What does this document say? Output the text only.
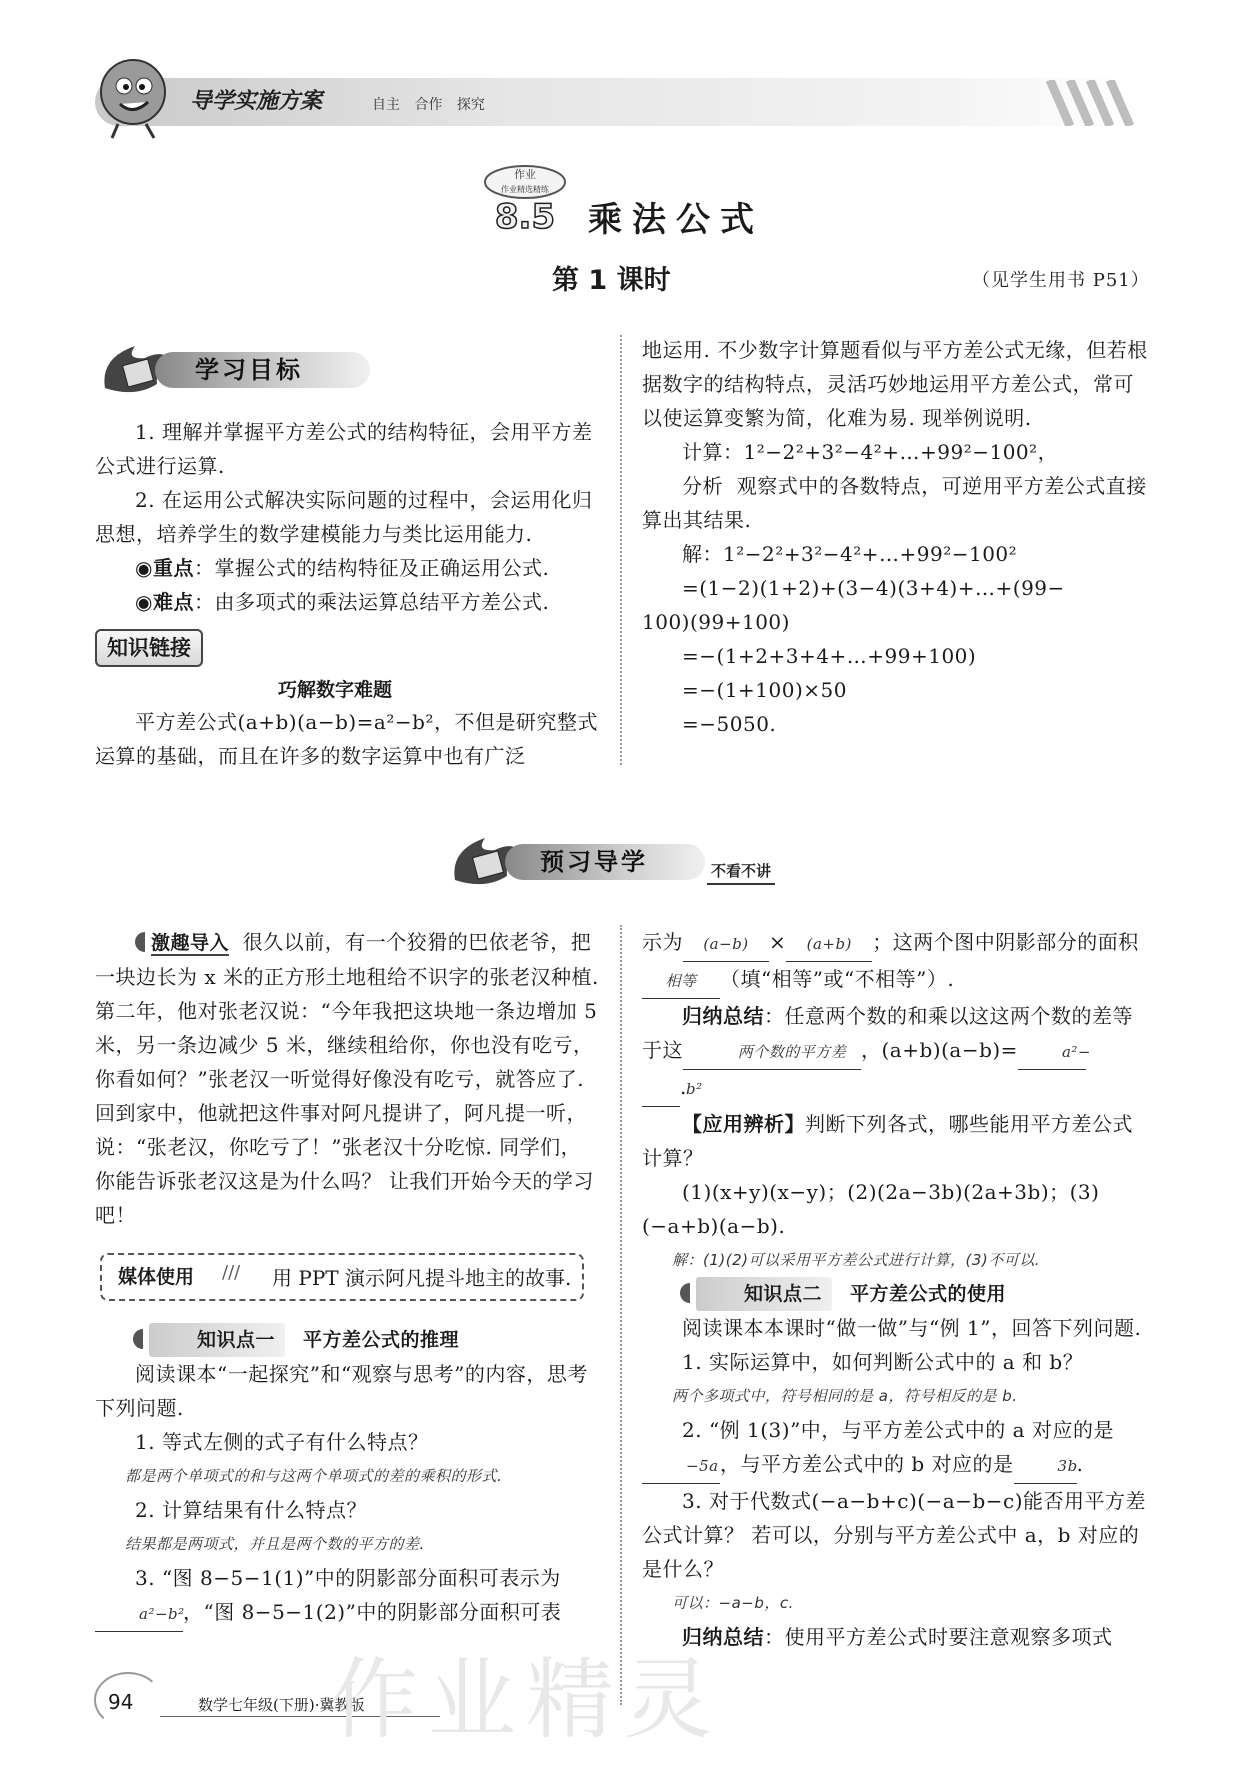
导学实施方案	自主 合作 探究
作业
作业精选精练
8.5 乘法公式
第 1 课时	（见学生用书 P51）
学习目标

1. 理解并掌握平方差公式的结构特征，会用平方差公式进行运算.

2. 在运用公式解决实际问题的过程中，会运用化归思想，培养学生的数学建模能力与类比运用能力.

◉重点：掌握公式的结构特征及正确运用公式.

◉难点：由多项式的乘法运算总结平方差公式.

知识链接
巧解数字难题

平方差公式(a+b)(a−b)=a²−b²，不但是研究整式运算的基础，而且在许多的数字运算中也有广泛

地运用. 不少数字计算题看似与平方差公式无缘，但若根据数字的结构特点，灵活巧妙地运用平方差公式，常可以使运算变繁为简，化难为易. 现举例说明.

计算：1²−2²+3²−4²+…+99²−100²，

分析 观察式中的各数特点，可逆用平方差公式直接算出其结果.

解：1²−2²+3²−4²+…+99²−100²

=(1−2)(1+2)+(3−4)(3+4)+…+(99−

100)(99+100)

=−(1+2+3+4+…+99+100)

=−(1+100)×50

=−5050.

预习导学	不看不讲

激趣导入 很久以前，有一个狡猾的巴依老爷，把一块边长为 x 米的正方形土地租给不识字的张老汉种植. 第二年，他对张老汉说：“今年我把这块地一条边增加 5 米，另一条边减少 5 米，继续租给你，你也没有吃亏，你看如何？”张老汉一听觉得好像没有吃亏，就答应了. 回到家中，他就把这件事对阿凡提讲了，阿凡提一听，说：“张老汉，你吃亏了！”张老汉十分吃惊. 同学们，你能告诉张老汉这是为什么吗？ 让我们开始今天的学习吧！

媒体使用 /// 用 PPT 演示阿凡提斗地主的故事.

知识点一 平方差公式的推理

阅读课本“一起探究”和“观察与思考”的内容，思考下列问题.

1. 等式左侧的式子有什么特点？

都是两个单项式的和与这两个单项式的差的乘积的形式.

2. 计算结果有什么特点？

结果都是两项式，并且是两个数的平方的差.

3. “图 8−5−1(1)”中的阴影部分面积可表示为a²−b²，“图 8−5−1(2)”中的阴影部分面积可表

示为 (a−b) × (a+b) ；这两个图中阴影部分的面积相等 （填“相等”或“不相等”）.

归纳总结：任意两个数的和乘以这这两个数的差等于这	两个数的平方差 ，(a+b)(a−b)=	a²−
b².

【应用辨析】判断下列各式，哪些能用平方差公式计算？

(1)(x+y)(x−y)；(2)(2a−3b)(2a+3b)；(3)(−a+b)(a−b).

解：(1)(2)可以采用平方差公式进行计算，(3)不可以.

知识点二 平方差公式的使用

阅读课本本课时“做一做”与“例 1”，回答下列问题.

1. 实际运算中，如何判断公式中的 a 和 b？

两个多项式中，符号相同的是 a，符号相反的是 b.

2. “例 1(3)”中，与平方差公式中的 a 对应的是
−5a，与平方差公式中的 b 对应的是	3b.

3. 对于代数式(−a−b+c)(−a−b−c)能否用平方差公式计算？ 若可以，分别与平方差公式中 a，b 对应的是什么？

可以：−a−b，c.

归纳总结：使用平方差公式时要注意观察多项式

94	数学七年级(下册)·冀教版
作业精灵
